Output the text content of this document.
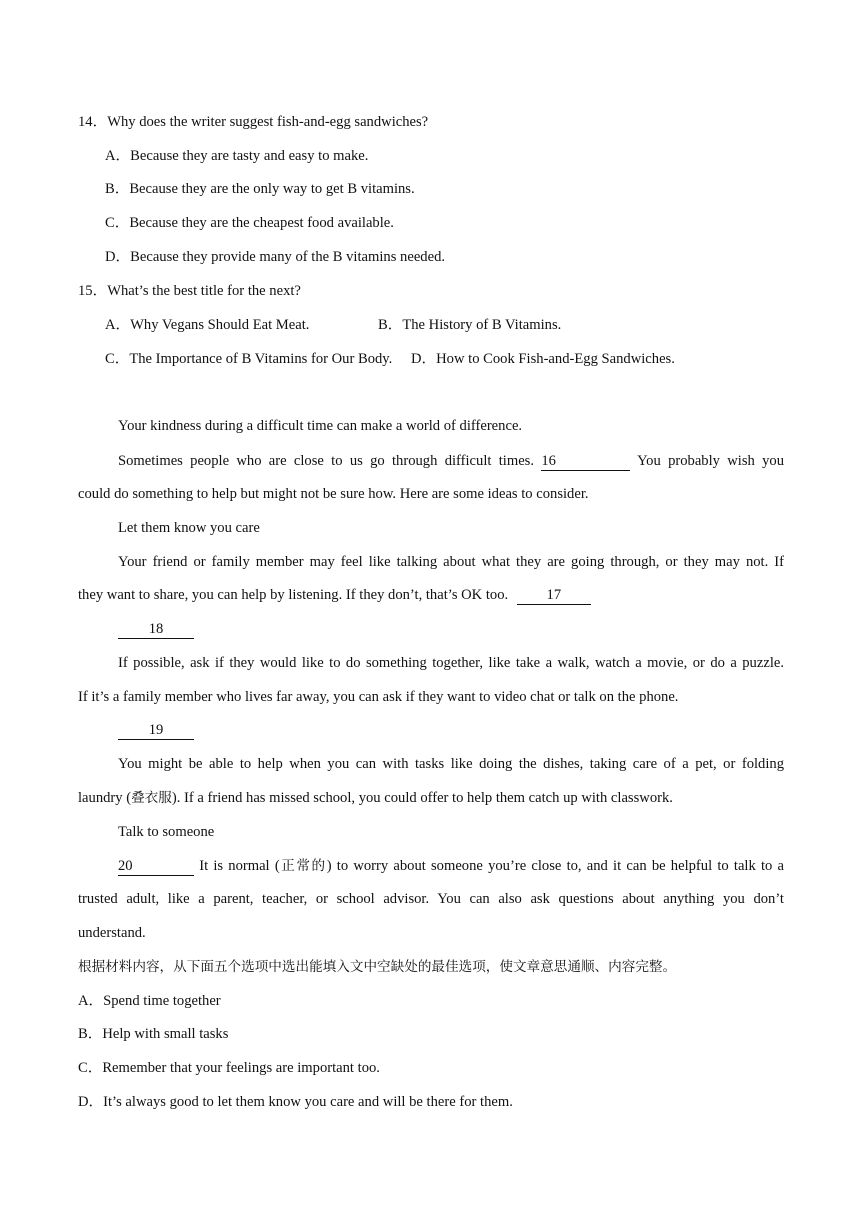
14．Why does the writer suggest fish-and-egg sandwiches?
A．Because they are tasty and easy to make.
B．Because they are the only way to get B vitamins.
C．Because they are the cheapest food available.
D．Because they provide many of the B vitamins needed.
15．What’s the best title for the next?
A．Why Vegans Should Eat Meat.	B．The History of B Vitamins.
C．The Importance of B Vitamins for Our Body. D．How to Cook Fish-and-Egg Sandwiches.
Your kindness during a difficult time can make a world of difference.
Sometimes people who are close to us go through difficult times. 16	You probably wish you
could do something to help but might not be sure how. Here are some ideas to consider.
Let them know you care
Your friend or family member may feel like talking about what they are going through, or they may not. If
they want to share, you can help by listening. If they don’t, that’s OK too.	17
18
If possible, ask if they would like to do something together, like take a walk, watch a movie, or do a puzzle.
If it’s a family member who lives far away, you can ask if they want to video chat or talk on the phone.
19
You might be able to help when you can with tasks like doing the dishes, taking care of a pet, or folding
laundry (叠衣服). If a friend has missed school, you could offer to help them catch up with classwork.
Talk to someone
20	It is normal (正常的) to worry about someone you’re close to, and it can be helpful to talk to a
trusted adult, like a parent, teacher, or school advisor. You can also ask questions about anything you don’t
understand.
根据材料内容，从下面五个选项中选出能填入文中空缺处的最佳选项，使文章意思通顺、内容完整。
A．Spend time together
B．Help with small tasks
C．Remember that your feelings are important too.
D．It’s always good to let them know you care and will be there for them.
